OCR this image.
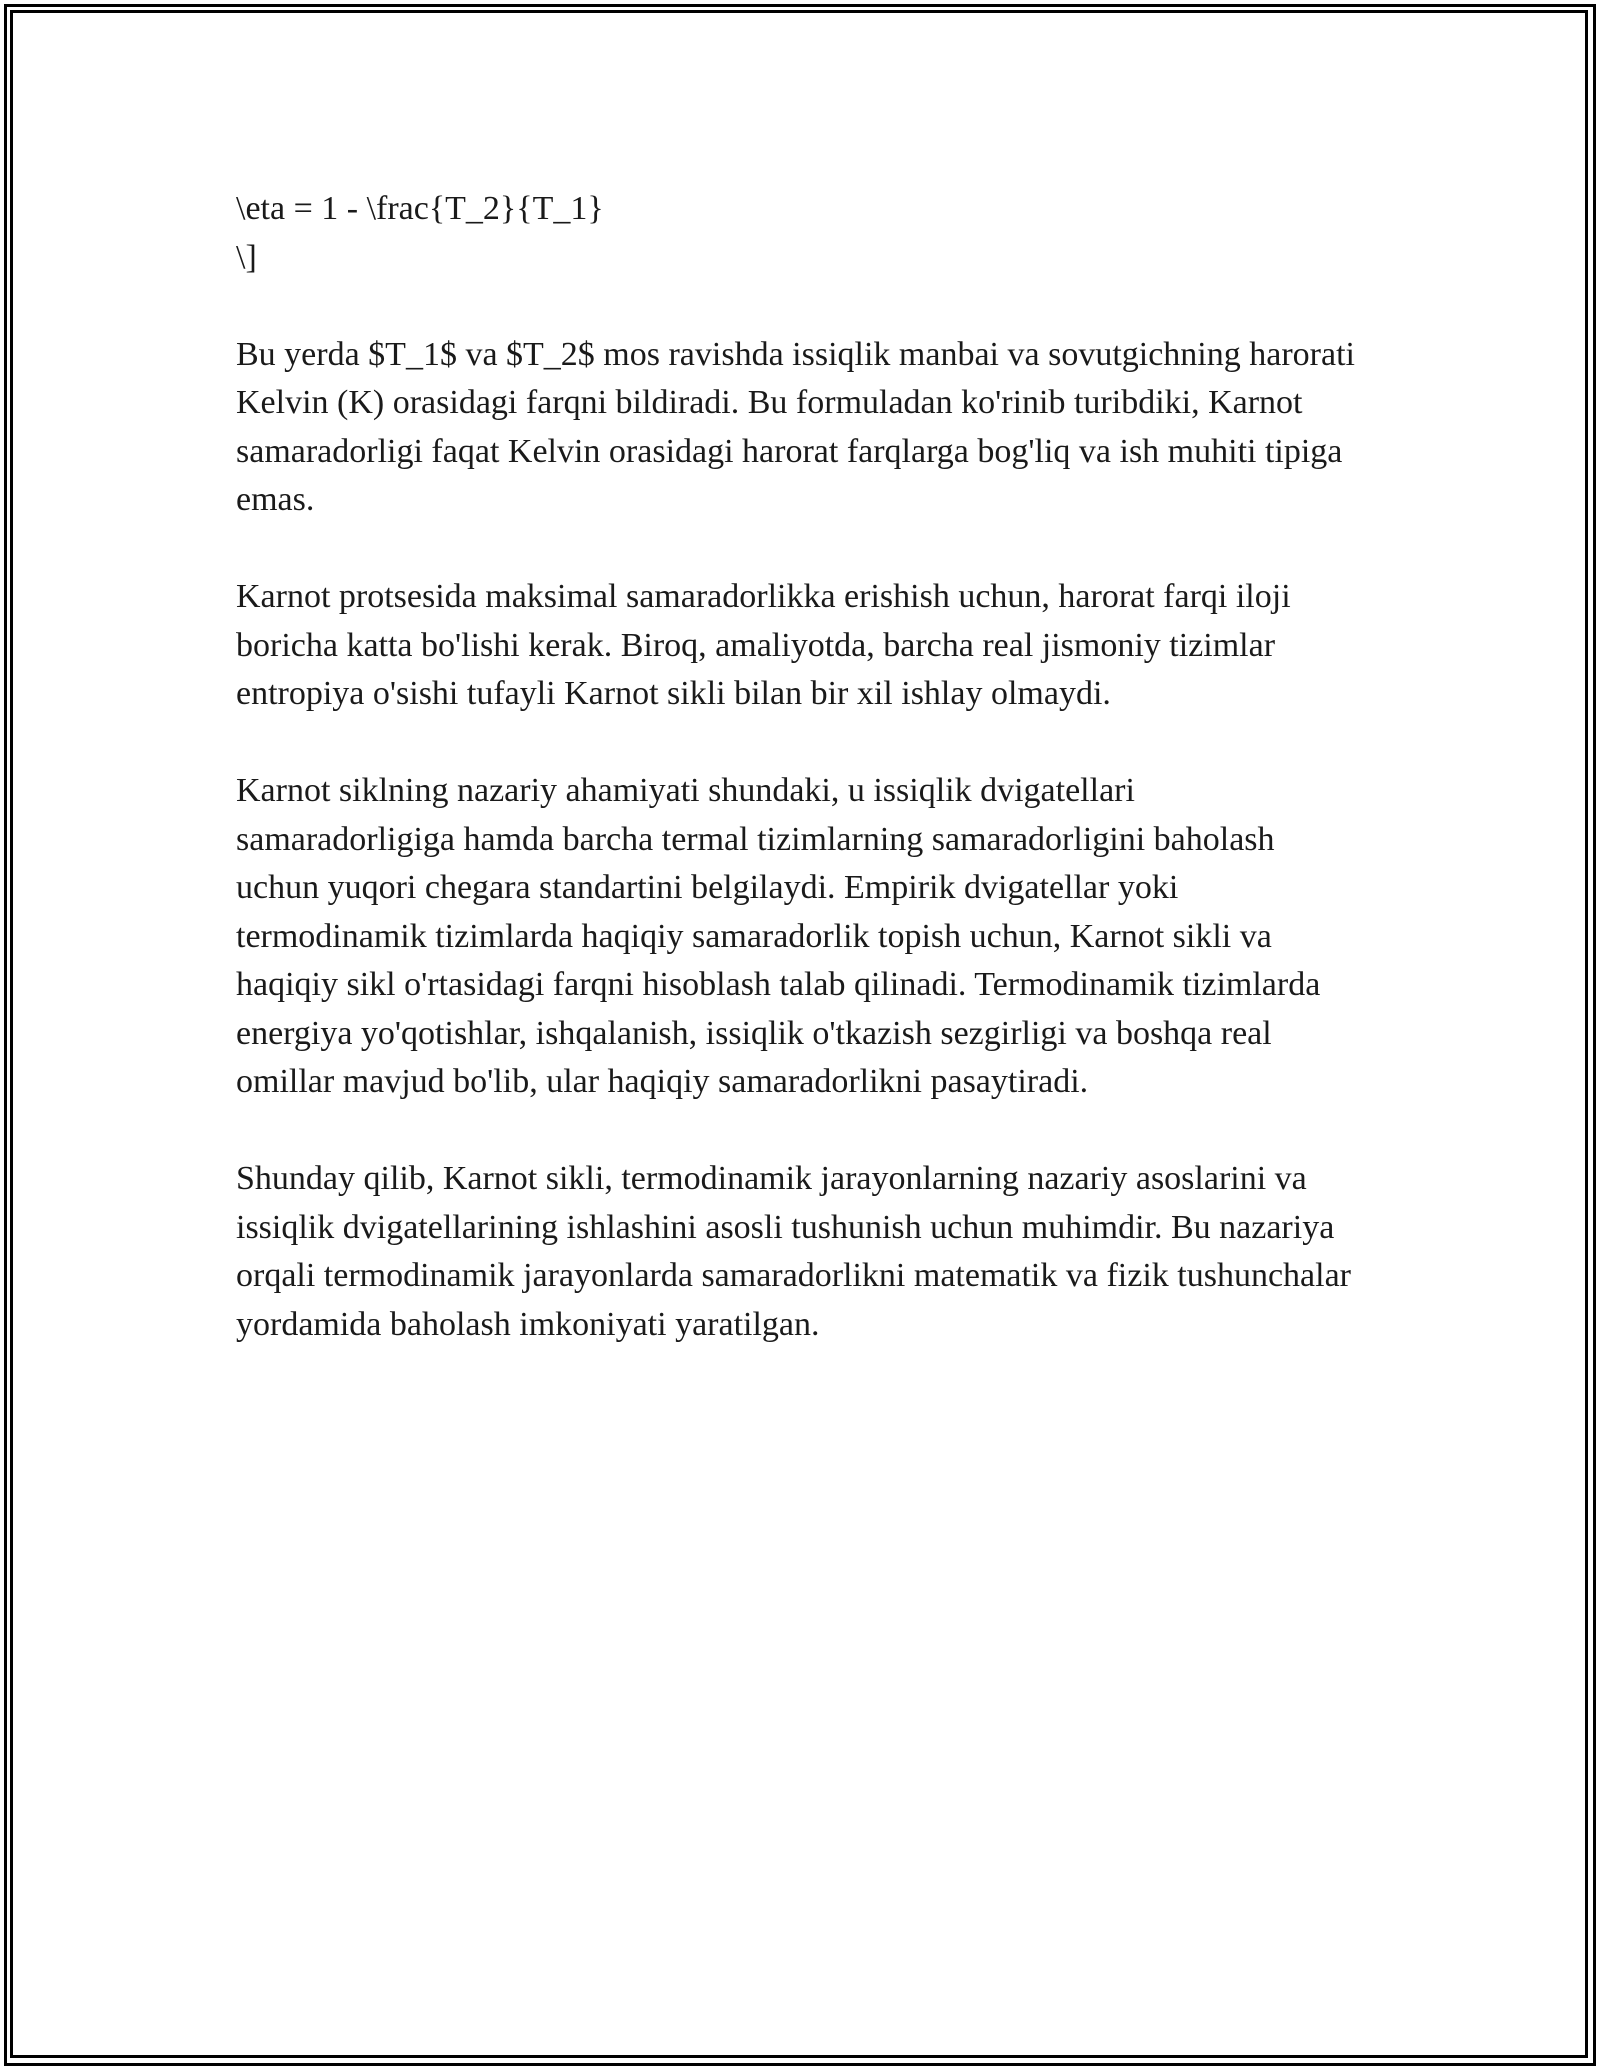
\eta = 1 - \frac{T_2}{T_1}

\]

Bu yerda $T_1$ va $T_2$ mos ravishda issiqlik manbai va sovutgichning harorati Kelvin (K) orasidagi farqni bildiradi. Bu formuladan ko'rinib turibdiki, Karnot samaradorligi faqat Kelvin orasidagi harorat farqlarga bog'liq va ish muhiti tipiga emas.

Karnot protsesida maksimal samaradorlikka erishish uchun, harorat farqi iloji boricha katta bo'lishi kerak. Biroq, amaliyotda, barcha real jismoniy tizimlar entropiya o'sishi tufayli Karnot sikli bilan bir xil ishlay olmaydi.

Karnot siklning nazariy ahamiyati shundaki, u issiqlik dvigatellari samaradorligiga hamda barcha termal tizimlarning samaradorligini baholash uchun yuqori chegara standartini belgilaydi. Empirik dvigatellar yoki termodinamik tizimlarda haqiqiy samaradorlik topish uchun, Karnot sikli va haqiqiy sikl o'rtasidagi farqni hisoblash talab qilinadi. Termodinamik tizimlarda energiya yo'qotishlar, ishqalanish, issiqlik o'tkazish sezgirligi va boshqa real omillar mavjud bo'lib, ular haqiqiy samaradorlikni pasaytiradi.

Shunday qilib, Karnot sikli, termodinamik jarayonlarning nazariy asoslarini va issiqlik dvigatellarining ishlashini asosli tushunish uchun muhimdir. Bu nazariya orqali termodinamik jarayonlarda samaradorlikni matematik va fizik tushunchalar yordamida baholash imkoniyati yaratilgan.
